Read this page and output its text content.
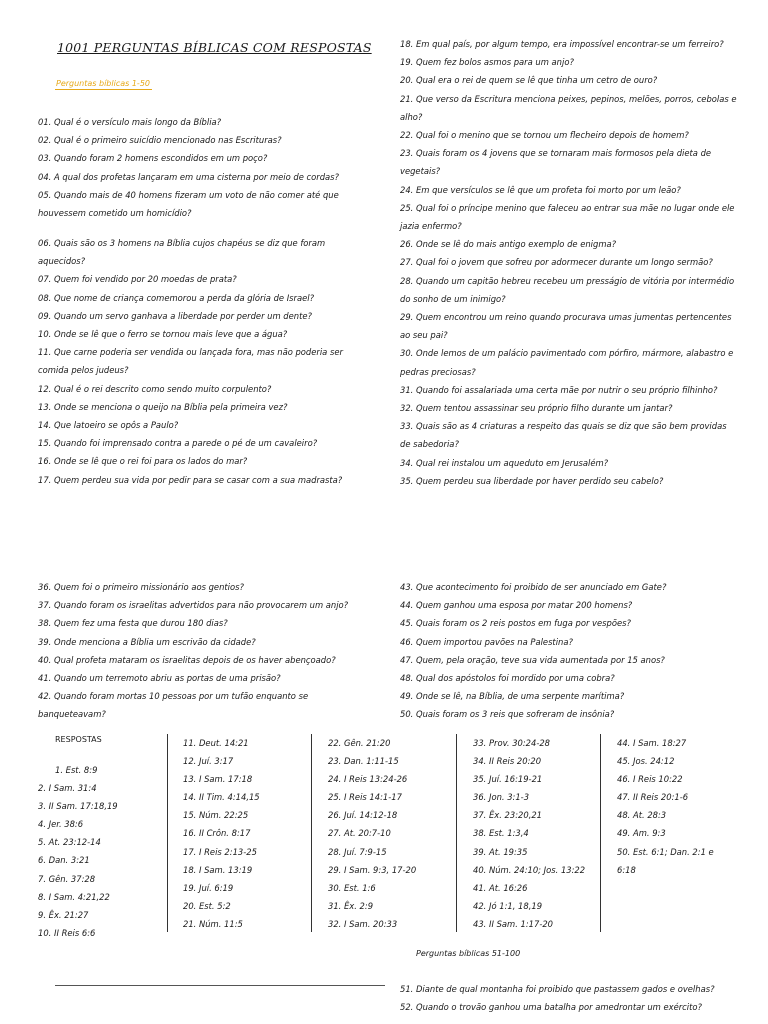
1001 PERGUNTAS BÍBLICAS COM RESPOSTAS
Perguntas bíblicas 1-50
01. Qual é o versículo mais longo da Bíblia?
02. Qual é o primeiro suicídio mencionado nas Escrituras?
03. Quando foram 2 homens escondidos em um poço?
04. A qual dos profetas lançaram em uma cisterna por meio de cordas?
05. Quando mais de 40 homens fizeram um voto de não comer até que
houvessem cometido um homicídio?
06. Quais são os 3 homens na Bíblia cujos chapéus se diz que foram
aquecidos?
07. Quem foi vendido por 20 moedas de prata?
08. Que nome de criança comemorou a perda da glória de Israel?
09. Quando um servo ganhava a liberdade por perder um dente?
10. Onde se lê que o ferro se tornou mais leve que a água?
11. Que carne poderia ser vendida ou lançada fora, mas não poderia ser
comida pelos judeus?
12. Qual é o rei descrito como sendo muito corpulento?
13. Onde se menciona o queijo na Bíblia pela primeira vez?
14. Que latoeiro se opôs a Paulo?
15. Quando foi imprensado contra a parede o pé de um cavaleiro?
16. Onde se lê que o rei foi para os lados do mar?
17. Quem perdeu sua vida por pedir para se casar com a sua madrasta?
18. Em qual país, por algum tempo, era impossível encontrar-se um ferreiro?
19. Quem fez bolos asmos para um anjo?
20. Qual era o rei de quem se lê que tinha um cetro de ouro?
21. Que verso da Escritura menciona peixes, pepinos, melões, porros, cebolas e
alho?
22. Qual foi o menino que se tornou um flecheiro depois de homem?
23. Quais foram os 4 jovens que se tornaram mais formosos pela dieta de
vegetais?
24. Em que versículos se lê que um profeta foi morto por um leão?
25. Qual foi o príncipe menino que faleceu ao entrar sua mãe no lugar onde ele
jazia enfermo?
26. Onde se lê do mais antigo exemplo de enigma?
27. Qual foi o jovem que sofreu por adormecer durante um longo sermão?
28. Quando um capitão hebreu recebeu um presságio de vitória por intermédio
do sonho de um inimigo?
29. Quem encontrou um reino quando procurava umas jumentas pertencentes
ao seu pai?
30. Onde lemos de um palácio pavimentado com pórfiro, mármore, alabastro e
pedras preciosas?
31. Quando foi assalariada uma certa mãe por nutrir o seu próprio filhinho?
32. Quem tentou assassinar seu próprio filho durante um jantar?
33. Quais são as 4 criaturas a respeito das quais se diz que são bem providas
de sabedoria?
34. Qual rei instalou um aqueduto em Jerusalém?
35. Quem perdeu sua liberdade por haver perdido seu cabelo?
36. Quem foi o primeiro missionário aos gentios?
37. Quando foram os israelitas advertidos para não provocarem um anjo?
38. Quem fez uma festa que durou 180 dias?
39. Onde menciona a Bíblia um escrivão da cidade?
40. Qual profeta mataram os israelitas depois de os haver abençoado?
41. Quando um terremoto abriu as portas de uma prisão?
42. Quando foram mortas 10 pessoas por um tufão enquanto se
banqueteavam?
43. Que acontecimento foi proibido de ser anunciado em Gate?
44. Quem ganhou uma esposa por matar 200 homens?
45. Quais foram os 2 reis postos em fuga por vespões?
46. Quem importou pavões na Palestina?
47. Quem, pela oração, teve sua vida aumentada por 15 anos?
48. Qual dos apóstolos foi mordido por uma cobra?
49. Onde se lê, na Bíblia, de uma serpente marítima?
50. Quais foram os 3 reis que sofreram de insônia?
RESPOSTAS
1. Est. 8:9
2. I Sam. 31:4
3. II Sam. 17:18,19
4. Jer. 38:6
5. At. 23:12-14
6. Dan. 3:21
7. Gên. 37:28
8. I Sam. 4:21,22
9. Êx. 21:27
10. II Reis 6:6
11. Deut. 14:21
12. Juí. 3:17
13. I Sam. 17:18
14. II Tim. 4:14,15
15. Núm. 22:25
16. II Crôn. 8:17
17. I Reis 2:13-25
18. I Sam. 13:19
19. Juí. 6:19
20. Est. 5:2
21. Núm. 11:5
22. Gên. 21:20
23. Dan. 1:11-15
24. I Reis 13:24-26
25. I Reis 14:1-17
26. Juí. 14:12-18
27. At. 20:7-10
28. Juí. 7:9-15
29. I Sam. 9:3, 17-20
30. Est. 1:6
31. Êx. 2:9
32. I Sam. 20:33
33. Prov. 30:24-28
34. II Reis 20:20
35. Juí. 16:19-21
36. Jon. 3:1-3
37. Êx. 23:20,21
38. Est. 1:3,4
39. At. 19:35
40. Núm. 24:10; Jos. 13:22
41. At. 16:26
42. Jó 1:1, 18,19
43. II Sam. 1:17-20
44. I Sam. 18:27
45. Jos. 24:12
46. I Reis 10:22
47. II Reis 20:1-6
48. At. 28:3
49. Am. 9:3
50. Est. 6:1; Dan. 2:1 e
6:18
Perguntas bíblicas 51-100
51. Diante de qual montanha foi proibido que pastassem gados e ovelhas?
52. Quando o trovão ganhou uma batalha por amedrontar um exército?
